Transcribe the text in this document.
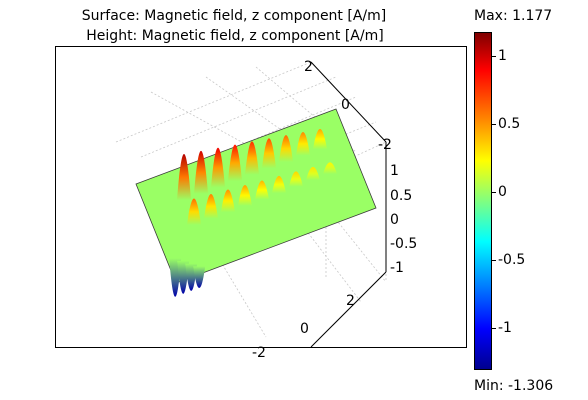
Surface: Magnetic field, z component [A/m]
Height: Magnetic field, z component [A/m]
2
0
-2
1
0.5
0
-0.5
-1
2
0
-2
Max: 1.177
1
0.5
0
-0.5
-1
Min: -1.306
